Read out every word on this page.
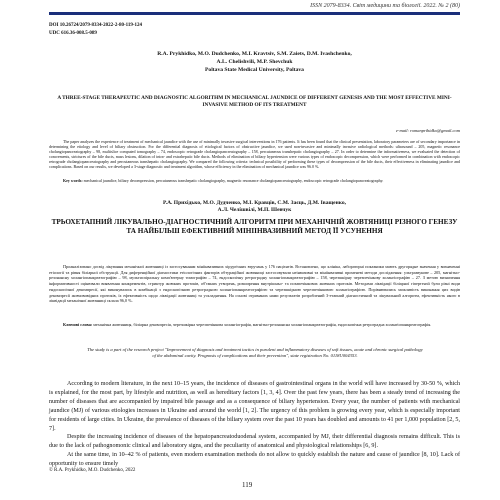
ISSN 2079-8334. Світ медицини та біології. 2022. № 2 (80)
DOI 10.26724/2079-8334-2022-2-80-119-124
UDC 616.36-008.5-089
R.A. Prykhidko, M.O. Dudchenko, M.I. Kravtsiv, S.M. Zaiets, D.M. Ivashchenko,
A.L. Chelishvili, M.P. Shevchuk
Poltava State Medical University, Poltava
A THREE-STAGE THERAPEUTIC AND DIAGNOSTIC ALGORITHM IN MECHANICAL JAUNDICE OF DIFFERENT GENESIS AND THE MOST EFFECTIVE MINI-INVASIVE METHOD OF ITS TREATMENT
e-mail: romanprihidko@gmail.com
The paper analyzes the experience of treatment of mechanical jaundice with the use of minimally invasive surgical interventions in 176 patients. It has been found that the clinical presentation, laboratory parameters are of secondary importance in determining the etiology and level of biliary obstruction. For the differential diagnosis of etiological factors of obstructive jaundice, we used non-invasive and minimally invasive radiological methods: ultrasound – 205, magnetic resonance cholangiopancreatography – 98, multislice computed tomography – 74, endoscopic retrograde cholangiopancreatography – 158, percutaneous transhepatic cholangiography – 27. In order to determine the informativeness, we evaluated the detection of concrements, strictures of the bile ducts, mass lesions, dilation of intra- and extrahepatic bile ducts. Methods of elimination of biliary hypertension were various types of endoscopic decompression, which were performed in combination with endoscopic retrograde cholangiopancreatography and percutaneous transhepatic cholangiography. We compared the following criteria: technical possibility of performing these types of decompression of the bile ducts, their effectiveness in eliminating jaundice and complications. Based on our results, we developed a 3-stage diagnostic and treatment algorithm, whose efficiency in the elimination of mechanical jaundice was 96.0 %.
Key words: mechanical jaundice, biliary decompression, percutaneous transhepatic cholangiography, magnetic resonance cholangiopancreatography, endoscopic retrograde cholangiopancreatography.
Р.А. Прихідько, М.О. Дудченко, М.І. Кравців, С.М. Заєць, Д.М. Іващенко,
А.Л. Челішвілі, М.П. Шевчук
ТРЬОХЕТАПНИЙ ЛІКУВАЛЬНО-ДІАГНОСТИЧНИЙ АЛГОРИТМ ПРИ МЕХАНІЧНІЙ ЖОВТЯНИЦІ РІЗНОГО ГЕНЕЗУ ТА НАЙБІЛЬШ ЕФЕКТИВНИЙ МІНІІНВАЗИВНИЙ МЕТОД ЇЇ УСУНЕННЯ
Проаналізовано досвід лікування механічної жовтяниці із застосуванням мініінвазивних хірургічних втручань у 176 пацієнтів. Встановлено, що клініка, лабораторні показники мають другорядне значення у визначенні етіології та рівня біліарної обструкції. Для диференційної діагностики етіологічних факторів обтураційної жовтяниці застосовували неінвазивні та мініінвазивні променеві методи дослідження: ультразвукове – 205, магнітно-резонансну холангіопанкреатографію – 98, мультиспіральну комп'ютерну томографію – 74, ендоскопічну ретроградну холангіопанкреатографію – 158, черезшкірну черезпечінкову холангіографію – 27. З метою визначення інформативності оцінювали виявлення конкрементів, стриктур жовчних протоків, об'ємних утворень, розширення внутрішньо- та позапечінкових жовчних протоків. Методами ліквідації біліарної гіпертензії були різні види ендоскопічної декомпресії, які виконувались в комбінації з ендоскопічною ретроградною холангіопанкреатографією та черезшкірною черезпечінковою холангіографією. Порівнювались можливість виконання цих видів декомпресії жовчовивідних протоків, їх ефективність щодо ліквідації жовтяниці та ускладнення. На основі отриманих нами результатів розроблений 3-етапний діагностичний та лікувальний алгоритм, ефективність якого в ліквідації механічної жовтяниці склала 96,0 %.
Ключові слова: механічна жовтяниця, біліарна декомпресія, черезшкірна черезпечінкова холангіографія, магнітно-резонансна холангіопанкреатографія, ендоскопічна ретроградна холангіопанкреатографія.
The study is a part of the research project "Improvement of diagnosis and treatment tactics in purulent and inflammatory diseases of soft tissues, acute and chronic surgical pathology of the abdominal cavity. Prognosis of complications and their prevention", state registration No. 0118U004353.

According to modern literature, in the next 10–15 years, the incidence of diseases of gastrointestinal organs in the world will have increased by 30-50 %, which is explained, for the most part, by lifestyle and nutrition, as well as hereditary factors [1, 3, 4]. Over the past few years, there has been a steady trend of increasing the number of diseases that are accompanied by impaired bile passage and as a consequence of biliary hypertension. Every year, the number of patients with mechanical jaundice (MJ) of various etiologies increases in Ukraine and around the world [1, 2]. The urgency of this problem is growing every year, which is especially important for residents of large cities. In Ukraine, the prevalence of diseases of the biliary system over the past 10 years has doubled and amounts to 41 per 1,000 population [2, 5, 7].

Despite the increasing incidence of diseases of the hepatopancreatoduodenal system, accompanied by MJ, their differential diagnosis remains difficult. This is due to the lack of pathognomonic clinical and laboratory signs, and the peculiarity of anatomical and physiological relationships [6, 9].

At the same time, in 10–42 % of patients, even modern examination methods do not allow to quickly establish the nature and cause of jaundice [8, 10]. Lack of opportunity to ensure timely

© R.A. Prykhidko, M.O. Dudchenko, 2022
119
